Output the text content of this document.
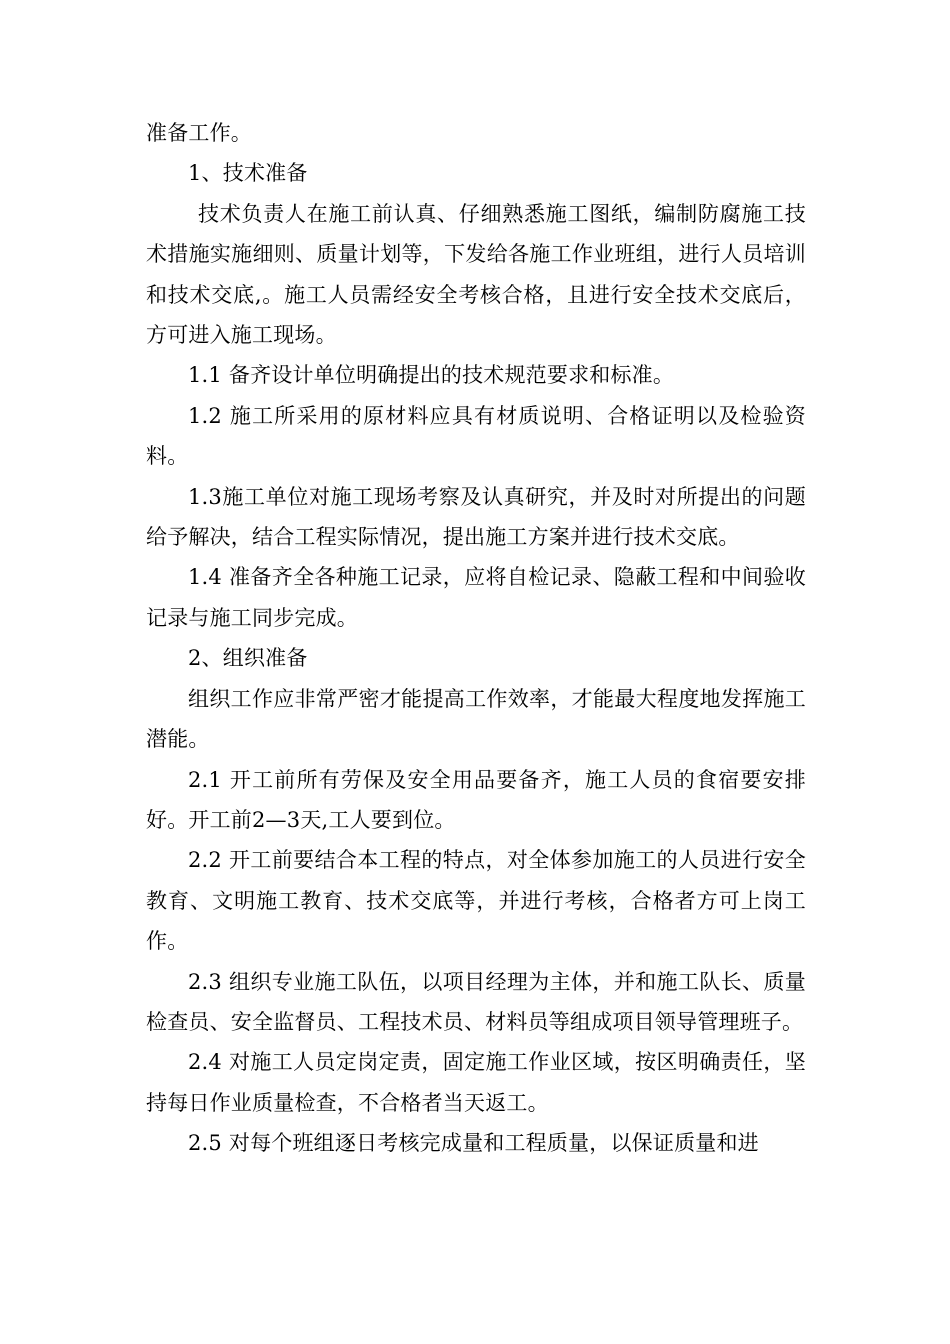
准备工作。

1、技术准备

技术负责人在施工前认真、仔细熟悉施工图纸，编制防腐施工技术措施实施细则、质量计划等，下发给各施工作业班组，进行人员培训和技术交底,。施工人员需经安全考核合格，且进行安全技术交底后，方可进入施工现场。

1.1 备齐设计单位明确提出的技术规范要求和标准。

1.2 施工所采用的原材料应具有材质说明、合格证明以及检验资料。

1.3施工单位对施工现场考察及认真研究，并及时对所提出的问题给予解决，结合工程实际情况，提出施工方案并进行技术交底。

1.4 准备齐全各种施工记录，应将自检记录、隐蔽工程和中间验收记录与施工同步完成。

2、组织准备

组织工作应非常严密才能提高工作效率，才能最大程度地发挥施工潜能。

2.1 开工前所有劳保及安全用品要备齐，施工人员的食宿要安排好。开工前2—3天,工人要到位。

2.2 开工前要结合本工程的特点，对全体参加施工的人员进行安全教育、文明施工教育、技术交底等，并进行考核，合格者方可上岗工作。

2.3 组织专业施工队伍，以项目经理为主体，并和施工队长、质量检查员、安全监督员、工程技术员、材料员等组成项目领导管理班子。

2.4 对施工人员定岗定责，固定施工作业区域，按区明确责任，坚持每日作业质量检查，不合格者当天返工。

2.5 对每个班组逐日考核完成量和工程质量，以保证质量和进
